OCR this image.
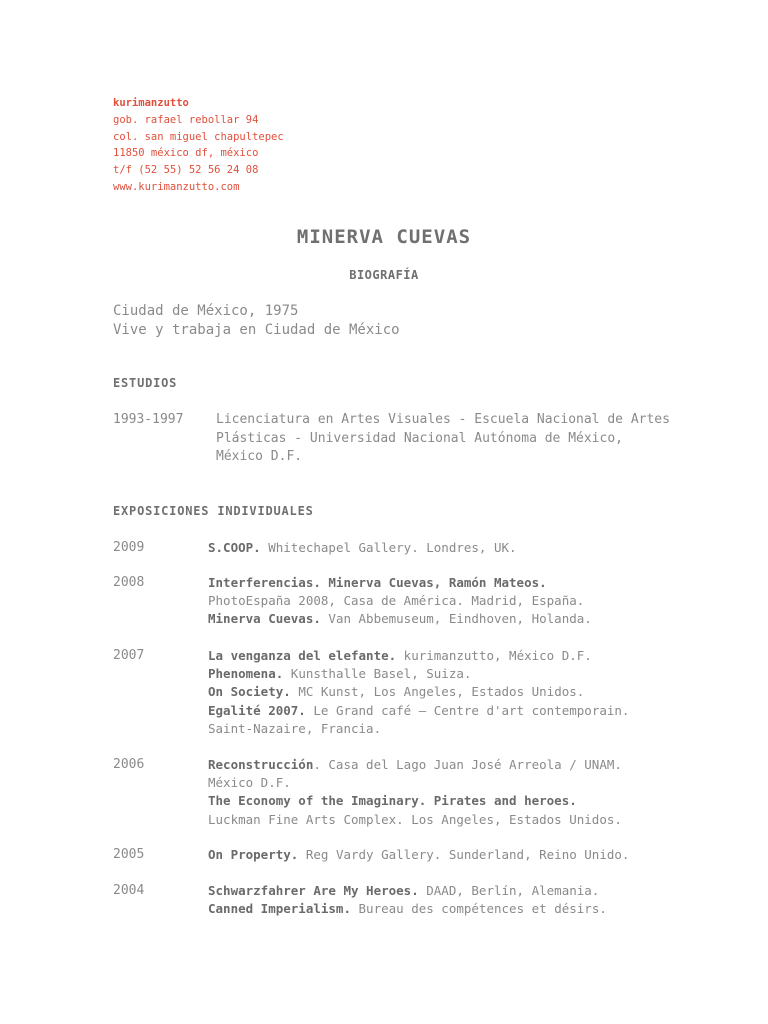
kurimanzutto
gob. rafael rebollar 94
col. san miguel chapultepec
11850 méxico df, méxico
t/f (52 55) 52 56 24 08
www.kurimanzutto.com
MINERVA CUEVAS
BIOGRAFÍA
Ciudad de México, 1975
Vive y trabaja en Ciudad de México
ESTUDIOS
1993-1997	Licenciatura en Artes Visuales - Escuela Nacional de Artes Plásticas - Universidad Nacional Autónoma de México, México D.F.
EXPOSICIONES INDIVIDUALES
2009	S.COOP. Whitechapel Gallery. Londres, UK.
2008	Interferencias. Minerva Cuevas, Ramón Mateos.
PhotoEspaña 2008, Casa de América. Madrid, España.
Minerva Cuevas. Van Abbemuseum, Eindhoven, Holanda.
2007	La venganza del elefante. kurimanzutto, México D.F.
Phenomena. Kunsthalle Basel, Suiza.
On Society. MC Kunst, Los Angeles, Estados Unidos.
Egalité 2007. Le Grand café – Centre d'art contemporain.
Saint-Nazaire, Francia.
2006	Reconstrucción. Casa del Lago Juan José Arreola / UNAM.
México D.F.
The Economy of the Imaginary. Pirates and heroes.
Luckman Fine Arts Complex. Los Angeles, Estados Unidos.
2005	On Property. Reg Vardy Gallery. Sunderland, Reino Unido.
2004	Schwarzfahrer Are My Heroes. DAAD, Berlín, Alemania.
Canned Imperialism. Bureau des compétences et désirs.
